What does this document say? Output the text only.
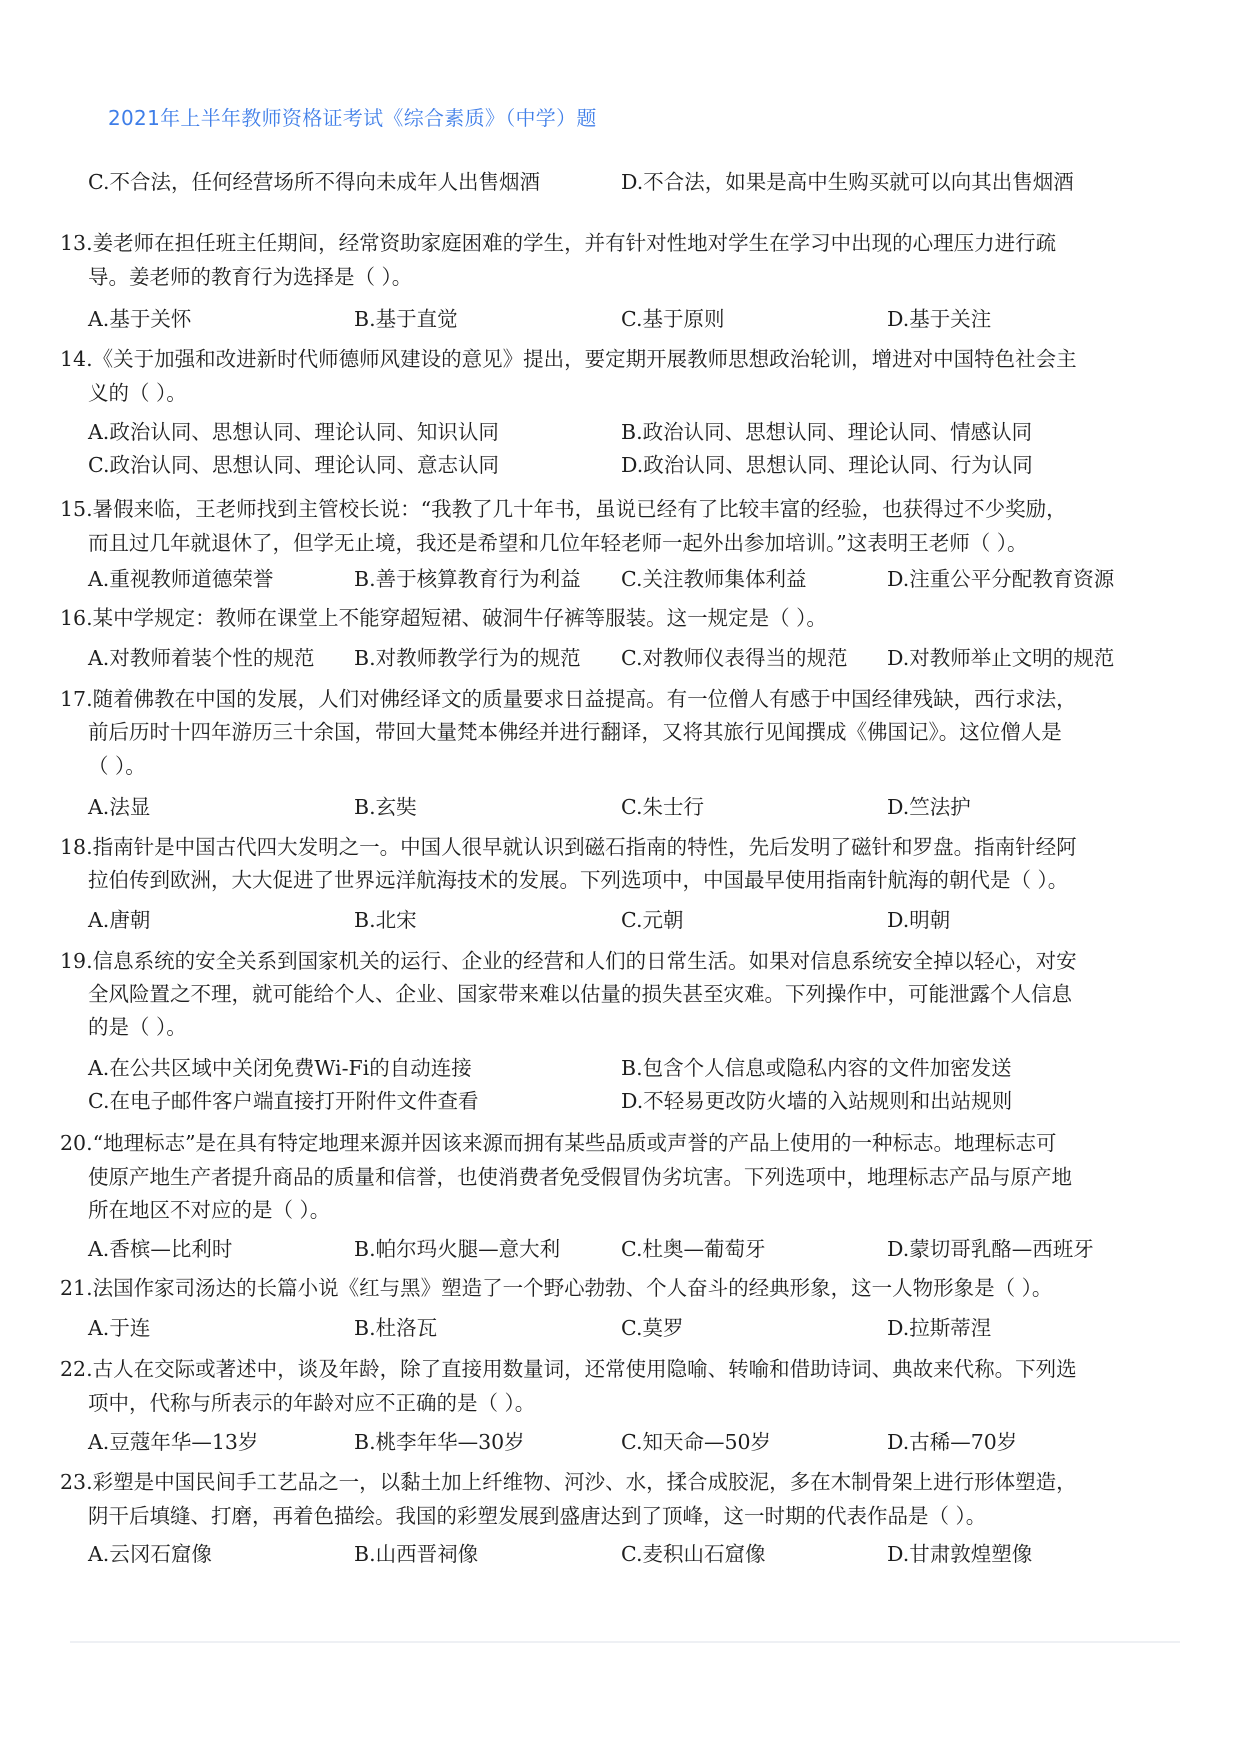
2021年上半年教师资格证考试《综合素质》（中学）题
C.不合法，任何经营场所不得向未成年人出售烟酒	D.不合法，如果是高中生购买就可以向其出售烟酒
13.姜老师在担任班主任期间，经常资助家庭困难的学生，并有针对性地对学生在学习中出现的心理压力进行疏
导。姜老师的教育行为选择是（ ）。
A.基于关怀	B.基于直觉	C.基于原则	D.基于关注
14.《关于加强和改进新时代师德师风建设的意见》提出，要定期开展教师思想政治轮训，增进对中国特色社会主
义的（ ）。
A.政治认同、思想认同、理论认同、知识认同	B.政治认同、思想认同、理论认同、情感认同
C.政治认同、思想认同、理论认同、意志认同	D.政治认同、思想认同、理论认同、行为认同
15.暑假来临，王老师找到主管校长说：“我教了几十年书，虽说已经有了比较丰富的经验，也获得过不少奖励，
而且过几年就退休了，但学无止境，我还是希望和几位年轻老师一起外出参加培训。”这表明王老师（ ）。
A.重视教师道德荣誉	B.善于核算教育行为利益 C.关注教师集体利益	D.注重公平分配教育资源
16.某中学规定：教师在课堂上不能穿超短裙、破洞牛仔裤等服装。这一规定是（ ）。
A.对教师着装个性的规范 B.对教师教学行为的规范 C.对教师仪表得当的规范 D.对教师举止文明的规范
17.随着佛教在中国的发展，人们对佛经译文的质量要求日益提高。有一位僧人有感于中国经律残缺，西行求法，
前后历时十四年游历三十余国，带回大量梵本佛经并进行翻译，又将其旅行见闻撰成《佛国记》。这位僧人是
（ ）。
A.法显	B.玄奘	C.朱士行	D.竺法护
18.指南针是中国古代四大发明之一。中国人很早就认识到磁石指南的特性，先后发明了磁针和罗盘。指南针经阿
拉伯传到欧洲，大大促进了世界远洋航海技术的发展。下列选项中，中国最早使用指南针航海的朝代是（ ）。
A.唐朝	B.北宋	C.元朝	D.明朝
19.信息系统的安全关系到国家机关的运行、企业的经营和人们的日常生活。如果对信息系统安全掉以轻心，对安
全风险置之不理，就可能给个人、企业、国家带来难以估量的损失甚至灾难。下列操作中，可能泄露个人信息
的是（ ）。
A.在公共区域中关闭免费Wi-Fi的自动连接	B.包含个人信息或隐私内容的文件加密发送
C.在电子邮件客户端直接打开附件文件查看	D.不轻易更改防火墙的入站规则和出站规则
20.“地理标志”是在具有特定地理来源并因该来源而拥有某些品质或声誉的产品上使用的一种标志。地理标志可
使原产地生产者提升商品的质量和信誉，也使消费者免受假冒伪劣坑害。下列选项中，地理标志产品与原产地
所在地区不对应的是（ ）。
A.香槟—比利时	B.帕尔玛火腿—意大利	C.杜奥—葡萄牙	D.蒙切哥乳酪—西班牙
21.法国作家司汤达的长篇小说《红与黑》塑造了一个野心勃勃、个人奋斗的经典形象，这一人物形象是（ ）。
A.于连	B.杜洛瓦	C.莫罗	D.拉斯蒂涅
22.古人在交际或著述中，谈及年龄，除了直接用数量词，还常使用隐喻、转喻和借助诗词、典故来代称。下列选
项中，代称与所表示的年龄对应不正确的是（ ）。
A.豆蔻年华—13岁	B.桃李年华—30岁	C.知天命—50岁	D.古稀—70岁
23.彩塑是中国民间手工艺品之一，以黏土加上纤维物、河沙、水，揉合成胶泥，多在木制骨架上进行形体塑造，
阴干后填缝、打磨，再着色描绘。我国的彩塑发展到盛唐达到了顶峰，这一时期的代表作品是（ ）。
A.云冈石窟像	B.山西晋祠像	C.麦积山石窟像	D.甘肃敦煌塑像
